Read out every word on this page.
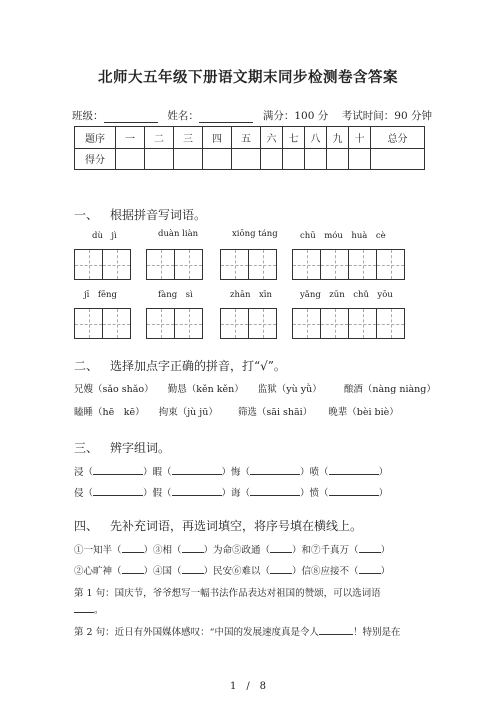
北师大五年级下册语文期末同步检测卷含答案
班级：	姓名：	满分：100 分 考试时间：90 分钟
题序	一	二	三	四	五	六	七	八	九	十	总分
得分											
一、 根据拼音写词语。
dù　jì	duàn liàn	xiōng táng	chū　móu　huà　cè
jī　fēng	fàng　sì	zhān　xīn	yǎng　zūn　chǔ　yōu
二、 选择加点字正确的拼音，打“√”。
兄嫂（sǎo shǎo） 勤恳（kěn kěn） 监狱（yù yǜ） 酿酒（nàng niàng）
瞌睡（hē　kē） 拘束（jù jū） 筛选（sāi shāi） 晚辈（bèi biè）
三、 辨字组词。
浸（	）暇（	）悔（	）喷（	）
侵（	）假（	）诲（	）愤（	）
四、 先补充词语，再选词填空，将序号填在横线上。
①一知半（ ）③相（ ）为命⑤政通（ ）和⑦千真万（ ）
②心旷神（ ）④国（ ）民安⑥难以（ ）信⑧应接不（ ）
第 1 句：国庆节，爷爷想写一幅书法作品表达对祖国的赞颂，可以选词语
。
第 2 句：近日有外国媒体感叹：“中国的发展速度真是令人	！特别是在
1　/　8
